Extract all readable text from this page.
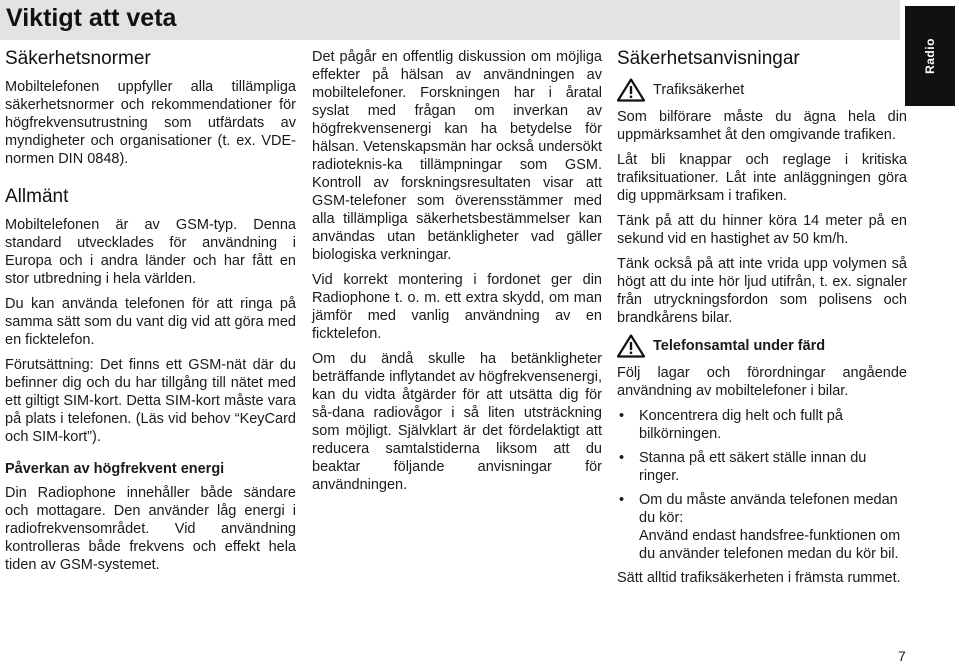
Viktigt att veta
Radio
Säkerhetsnormer

Mobiltelefonen uppfyller alla tillämpliga säkerhetsnormer och rekommendationer för högfrekvensutrustning som utfärdats av myndigheter och organisationer (t. ex. VDE-normen DIN 0848).

Allmänt

Mobiltelefonen är av GSM-typ. Denna standard utvecklades för användning i Europa och i andra länder och har fått en stor utbredning i hela världen.

Du kan använda telefonen för att ringa på samma sätt som du vant dig vid att göra med en ficktelefon.

Förutsättning: Det finns ett GSM-nät där du befinner dig och du har tillgång till nätet med ett giltigt SIM-kort. Detta SIM-kort måste vara på plats i telefonen. (Läs vid behov “KeyCard och SIM-kort”).

Påverkan av högfrekvent energi

Din Radiophone innehåller både sändare och mottagare. Den använder låg energi i radiofrekvensområdet. Vid användning kontrolleras både frekvens och effekt hela tiden av GSM-systemet.

Det pågår en offentlig diskussion om möjliga effekter på hälsan av användningen av mobiltelefoner. Forskningen har i åratal syslat med frågan om inverkan av högfrekvensenergi kan ha betydelse för hälsan. Vetenskapsmän har också undersökt radioteknis-ka tillämpningar som GSM. Kontroll av forskningsresultaten visar att GSM-telefoner som överensstämmer med alla tillämpliga säkerhetsbestämmelser kan användas utan betänkligheter vad gäller biologiska verkningar.

Vid korrekt montering i fordonet ger din Radiophone t. o. m. ett extra skydd, om man jämför med vanlig användning av en ficktelefon.

Om du ändå skulle ha betänkligheter beträffande inflytandet av högfrekvensenergi, kan du vidta åtgärder för att utsätta dig för så-dana radiovågor i så liten utsträckning som möjligt. Självklart är det fördelaktigt att reducera samtalstiderna liksom att du beaktar följande anvisningar för användningen.

Säkerhetsanvisningar
Trafiksäkerhet

Som bilförare måste du ägna hela din uppmärksamhet åt den omgivande trafiken.

Låt bli knappar och reglage i kritiska trafiksituationer. Låt inte anläggningen göra dig uppmärksam i trafiken.

Tänk på att du hinner köra 14 meter på en sekund vid en hastighet av 50 km/h.

Tänk också på att inte vrida upp volymen så högt att du inte hör ljud utifrån, t. ex. signaler från utryckningsfordon som polisens och brandkårens bilar.

Telefonsamtal under färd

Följ lagar och förordningar angående användning av mobiltelefoner i bilar.

• Koncentrera dig helt och fullt på bilkörningen.
• Stanna på ett säkert ställe innan du ringer.
• Om du måste använda telefonen medan du kör:
Använd endast handsfree-funktionen om du använder telefonen medan du kör bil.

Sätt alltid trafiksäkerheten i främsta rummet.

7
